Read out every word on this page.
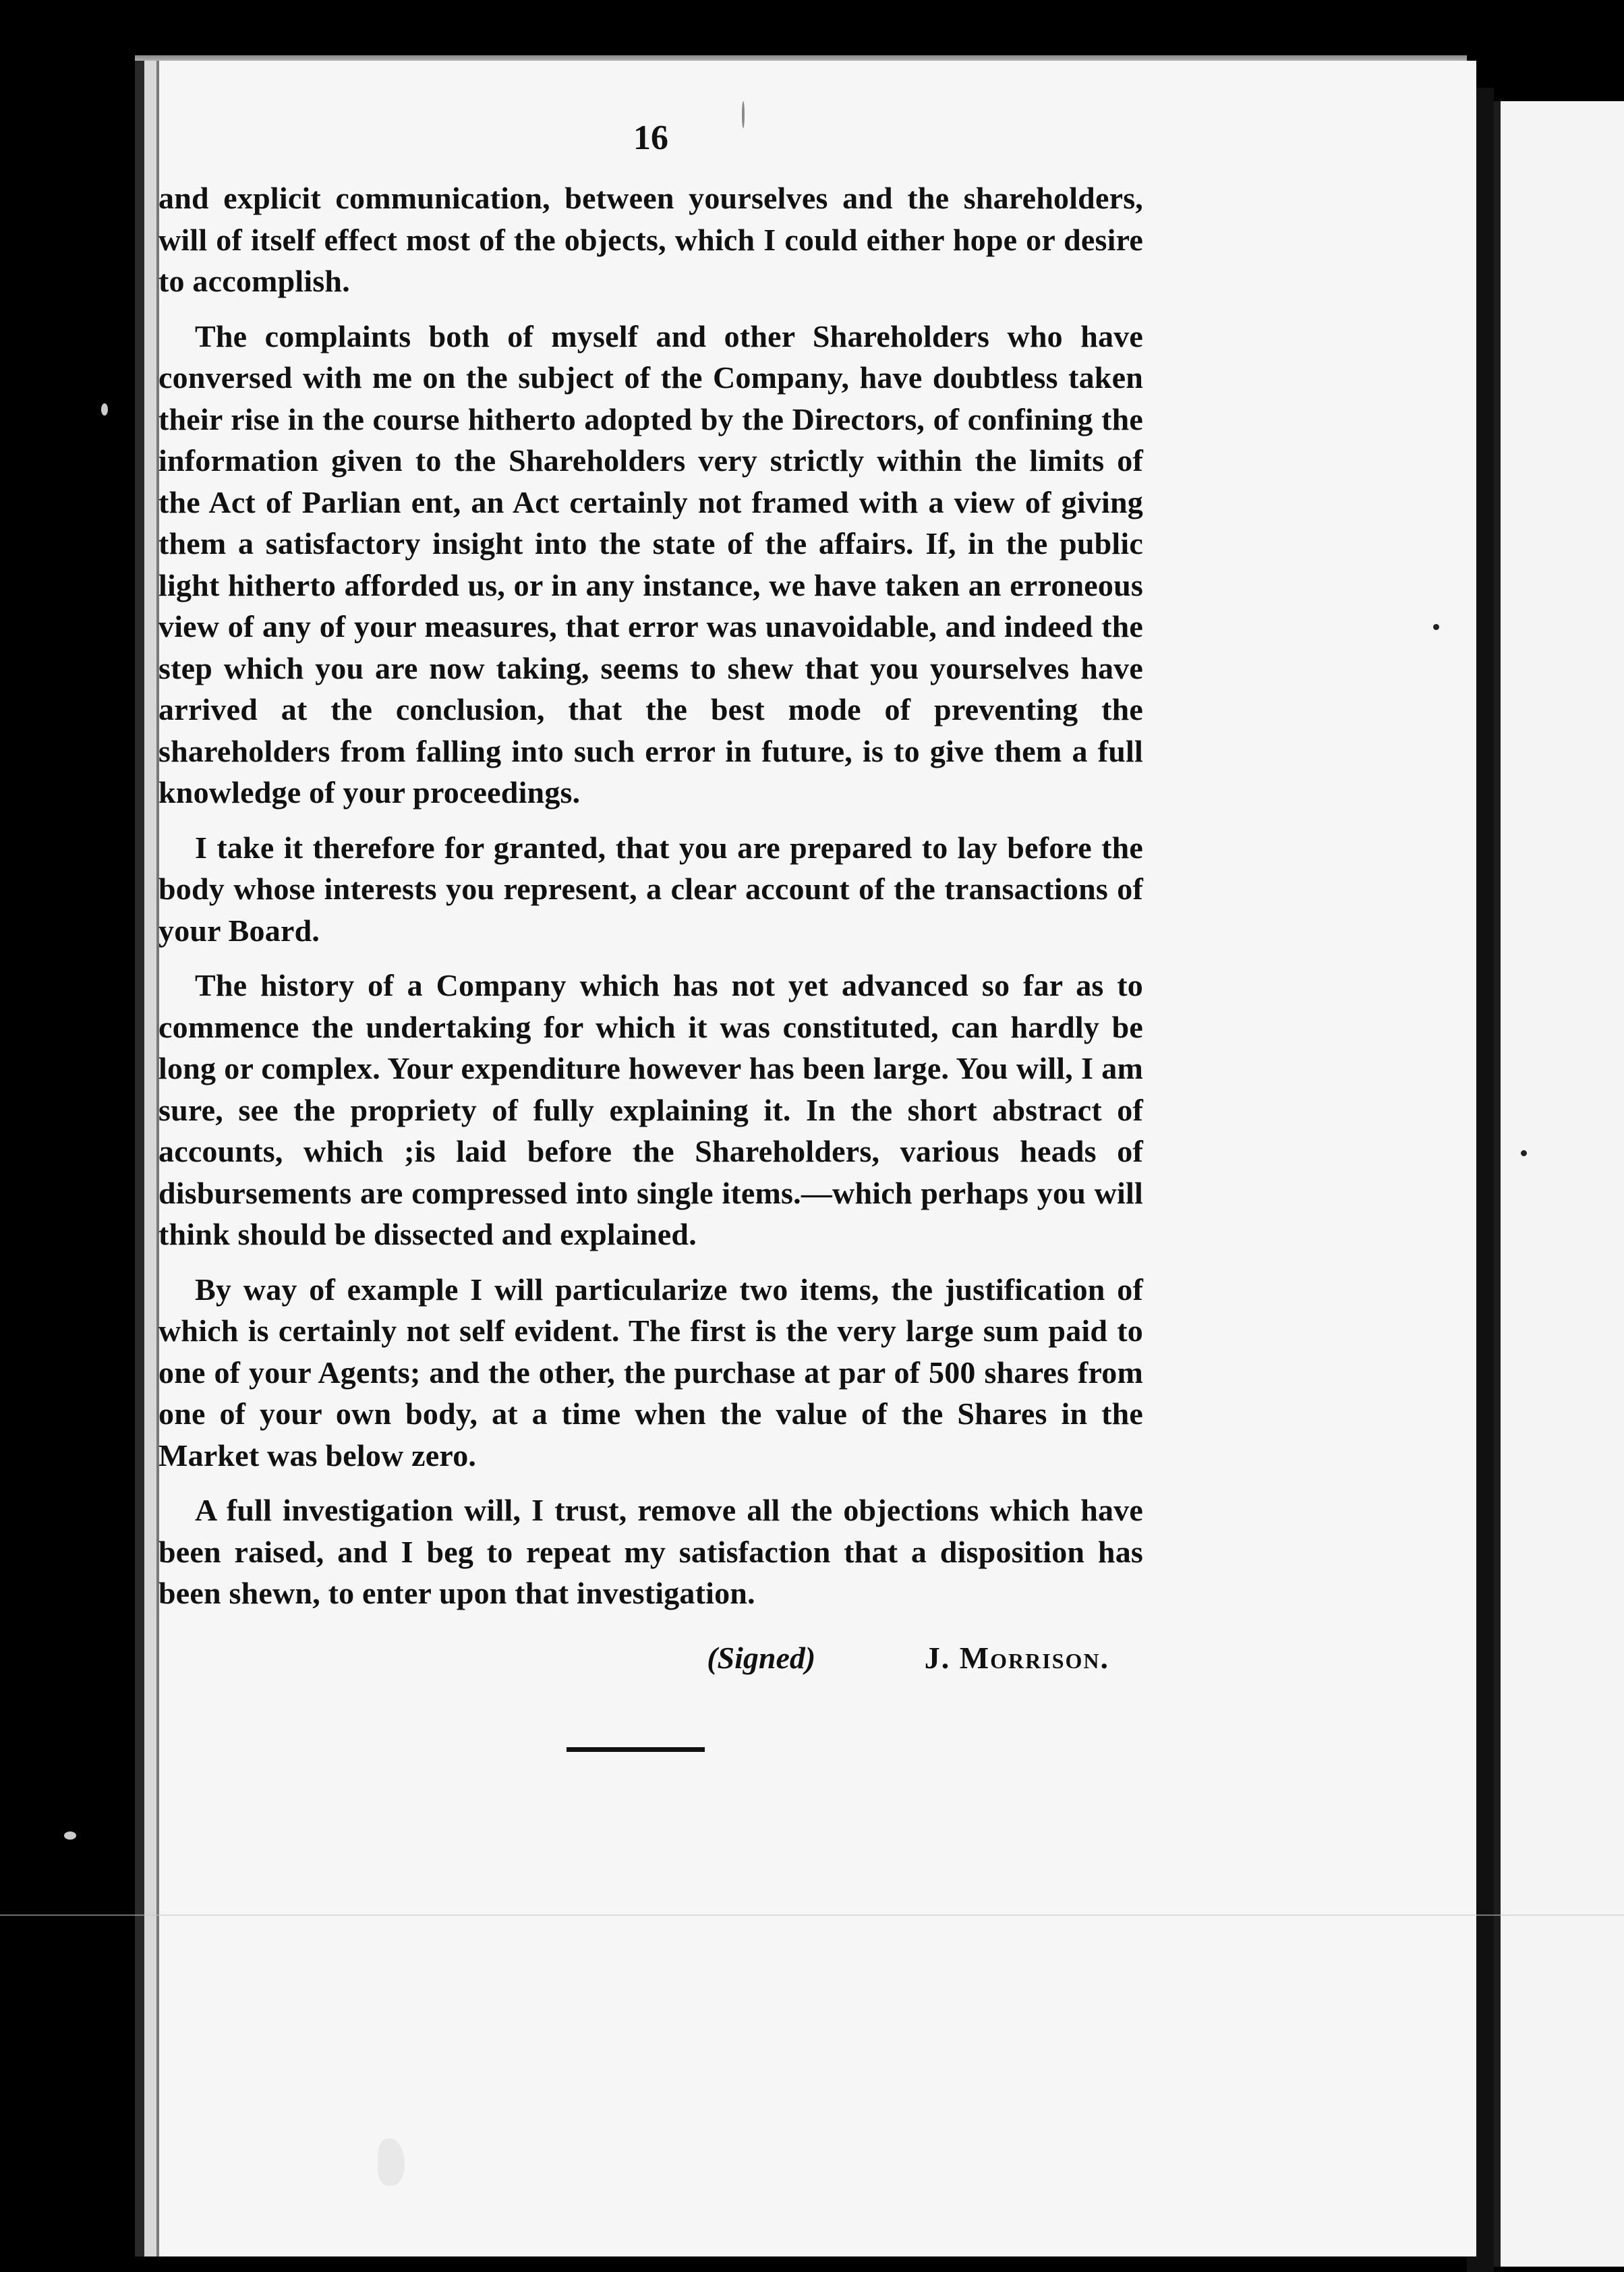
16

and explicit communication, between yourselves and the shareholders, will of itself effect most of the objects, which I could either hope or desire to accomplish.

The complaints both of myself and other Shareholders who have conversed with me on the subject of the Company, have doubtless taken their rise in the course hitherto adopted by the Directors, of confining the information given to the Shareholders very strictly within the limits of the Act of Parlian ent, an Act certainly not framed with a view of giving them a satisfactory insight into the state of the affairs. If, in the public light hitherto afforded us, or in any instance, we have taken an erroneous view of any of your measures, that error was unavoidable, and indeed the step which you are now taking, seems to shew that you yourselves have arrived at the conclusion, that the best mode of preventing the shareholders from falling into such error in future, is to give them a full knowledge of your proceedings.

I take it therefore for granted, that you are prepared to lay before the body whose interests you represent, a clear account of the transactions of your Board.

The history of a Company which has not yet advanced so far as to commence the undertaking for which it was constituted, can hardly be long or complex. Your expenditure however has been large. You will, I am sure, see the propriety of fully explaining it. In the short abstract of accounts, which ;is laid before the Shareholders, various heads of disbursements are compressed into single items.—which perhaps you will think should be dissected and explained.

By way of example I will particularize two items, the justification of which is certainly not self evident. The first is the very large sum paid to one of your Agents; and the other, the purchase at par of 500 shares from one of your own body, at a time when the value of the Shares in the Market was below zero.

A full investigation will, I trust, remove all the objections which have been raised, and I beg to repeat my satisfaction that a disposition has been shewn, to enter upon that investigation.

(Signed)	J. Morrison.
